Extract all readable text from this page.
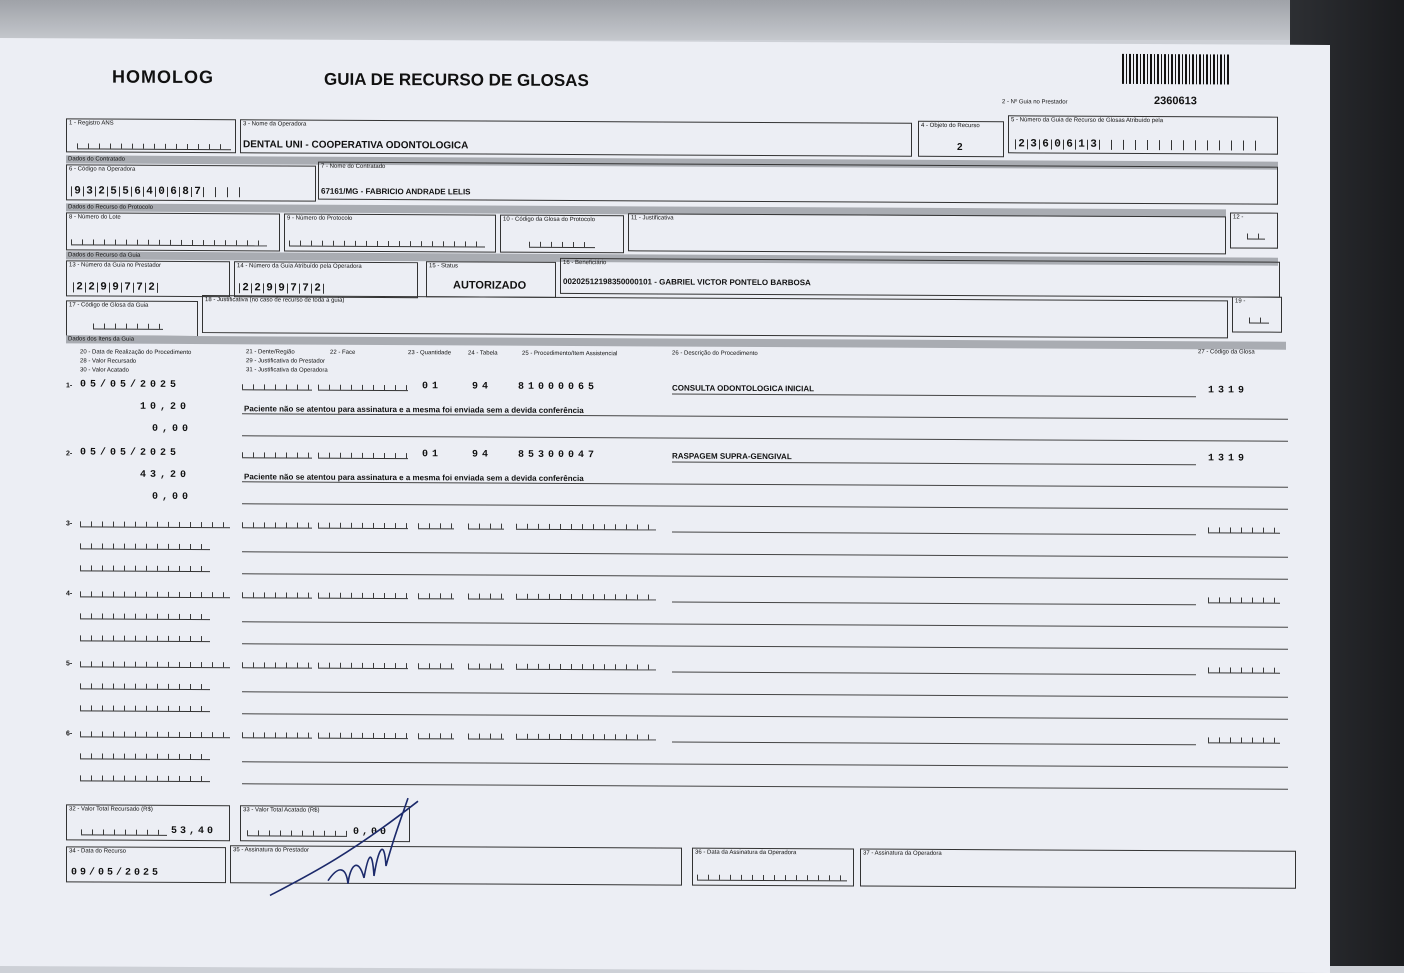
HOMOLOG	GUIA DE RECURSO DE GLOSAS
2 - Nº Guia no Prestador	2360613
1 - Registro ANS	3 - Nome da Operadora
DENTAL UNI - COOPERATIVA ODONTOLOGICA
4 - Objeto do Recurso
2
5 - Número da Guia de Recurso de Glosas Atribuído pela
2 3 6 0 6 1 3
Dados do Contratado
6 - Código na Operadora
9 3 2 5 5 6 4 0 6 8 7
7 - Nome do Contratado
67161/MG - FABRICIO ANDRADE LELIS
Dados do Recurso do Protocolo
8 - Número do Lote	9 - Número do Protocolo	10 - Código da Glosa do Protocolo	11 - Justificativa	12 -
Dados do Recurso da Guia
13 - Número da Guia no Prestador
2 2 9 9 7 7 2
14 - Número da Guia Atribuído pela Operadora
2 2 9 9 7 7 2
15 - Status
AUTORIZADO
16 - Beneficiário
00202512198350000101 - GABRIEL VICTOR PONTELO BARBOSA
17 - Código de Glosa da Guia
18 - Justificativa (no caso de recurso de toda a guia)	19 -
Dados dos Itens da Guia
20 - Data de Realização do Procedimento
28 - Valor Recursado
30 - Valor Acatado
21 - Dente/Região
29 - Justificativa do Prestador
31 - Justificativa da Operadora
22 - Face	23 - Quantidade	24 - Tabela	25 - Procedimento/Item Assistencial	26 - Descrição do Procedimento	27 - Código da Glosa
1- 05/05/2025	01	94	81000065	CONSULTA ODONTOLOGICA INICIAL	1319
10,20	Paciente não se atentou para assinatura e a mesma foi enviada sem a devida conferência
0,00
2- 05/05/2025	01	94	85300047	RASPAGEM SUPRA-GENGIVAL	1319
43,20	Paciente não se atentou para assinatura e a mesma foi enviada sem a devida conferência
0,00
3-
4-
5-
6-
32 - Valor Total Recursado (R$)
53,40
33 - Valor Total Acatado (R$)
0,00
34 - Data do Recurso
09/05/2025
35 - Assinatura do Prestador	36 - Data da Assinatura da Operadora	37 - Assinatura da Operadora
